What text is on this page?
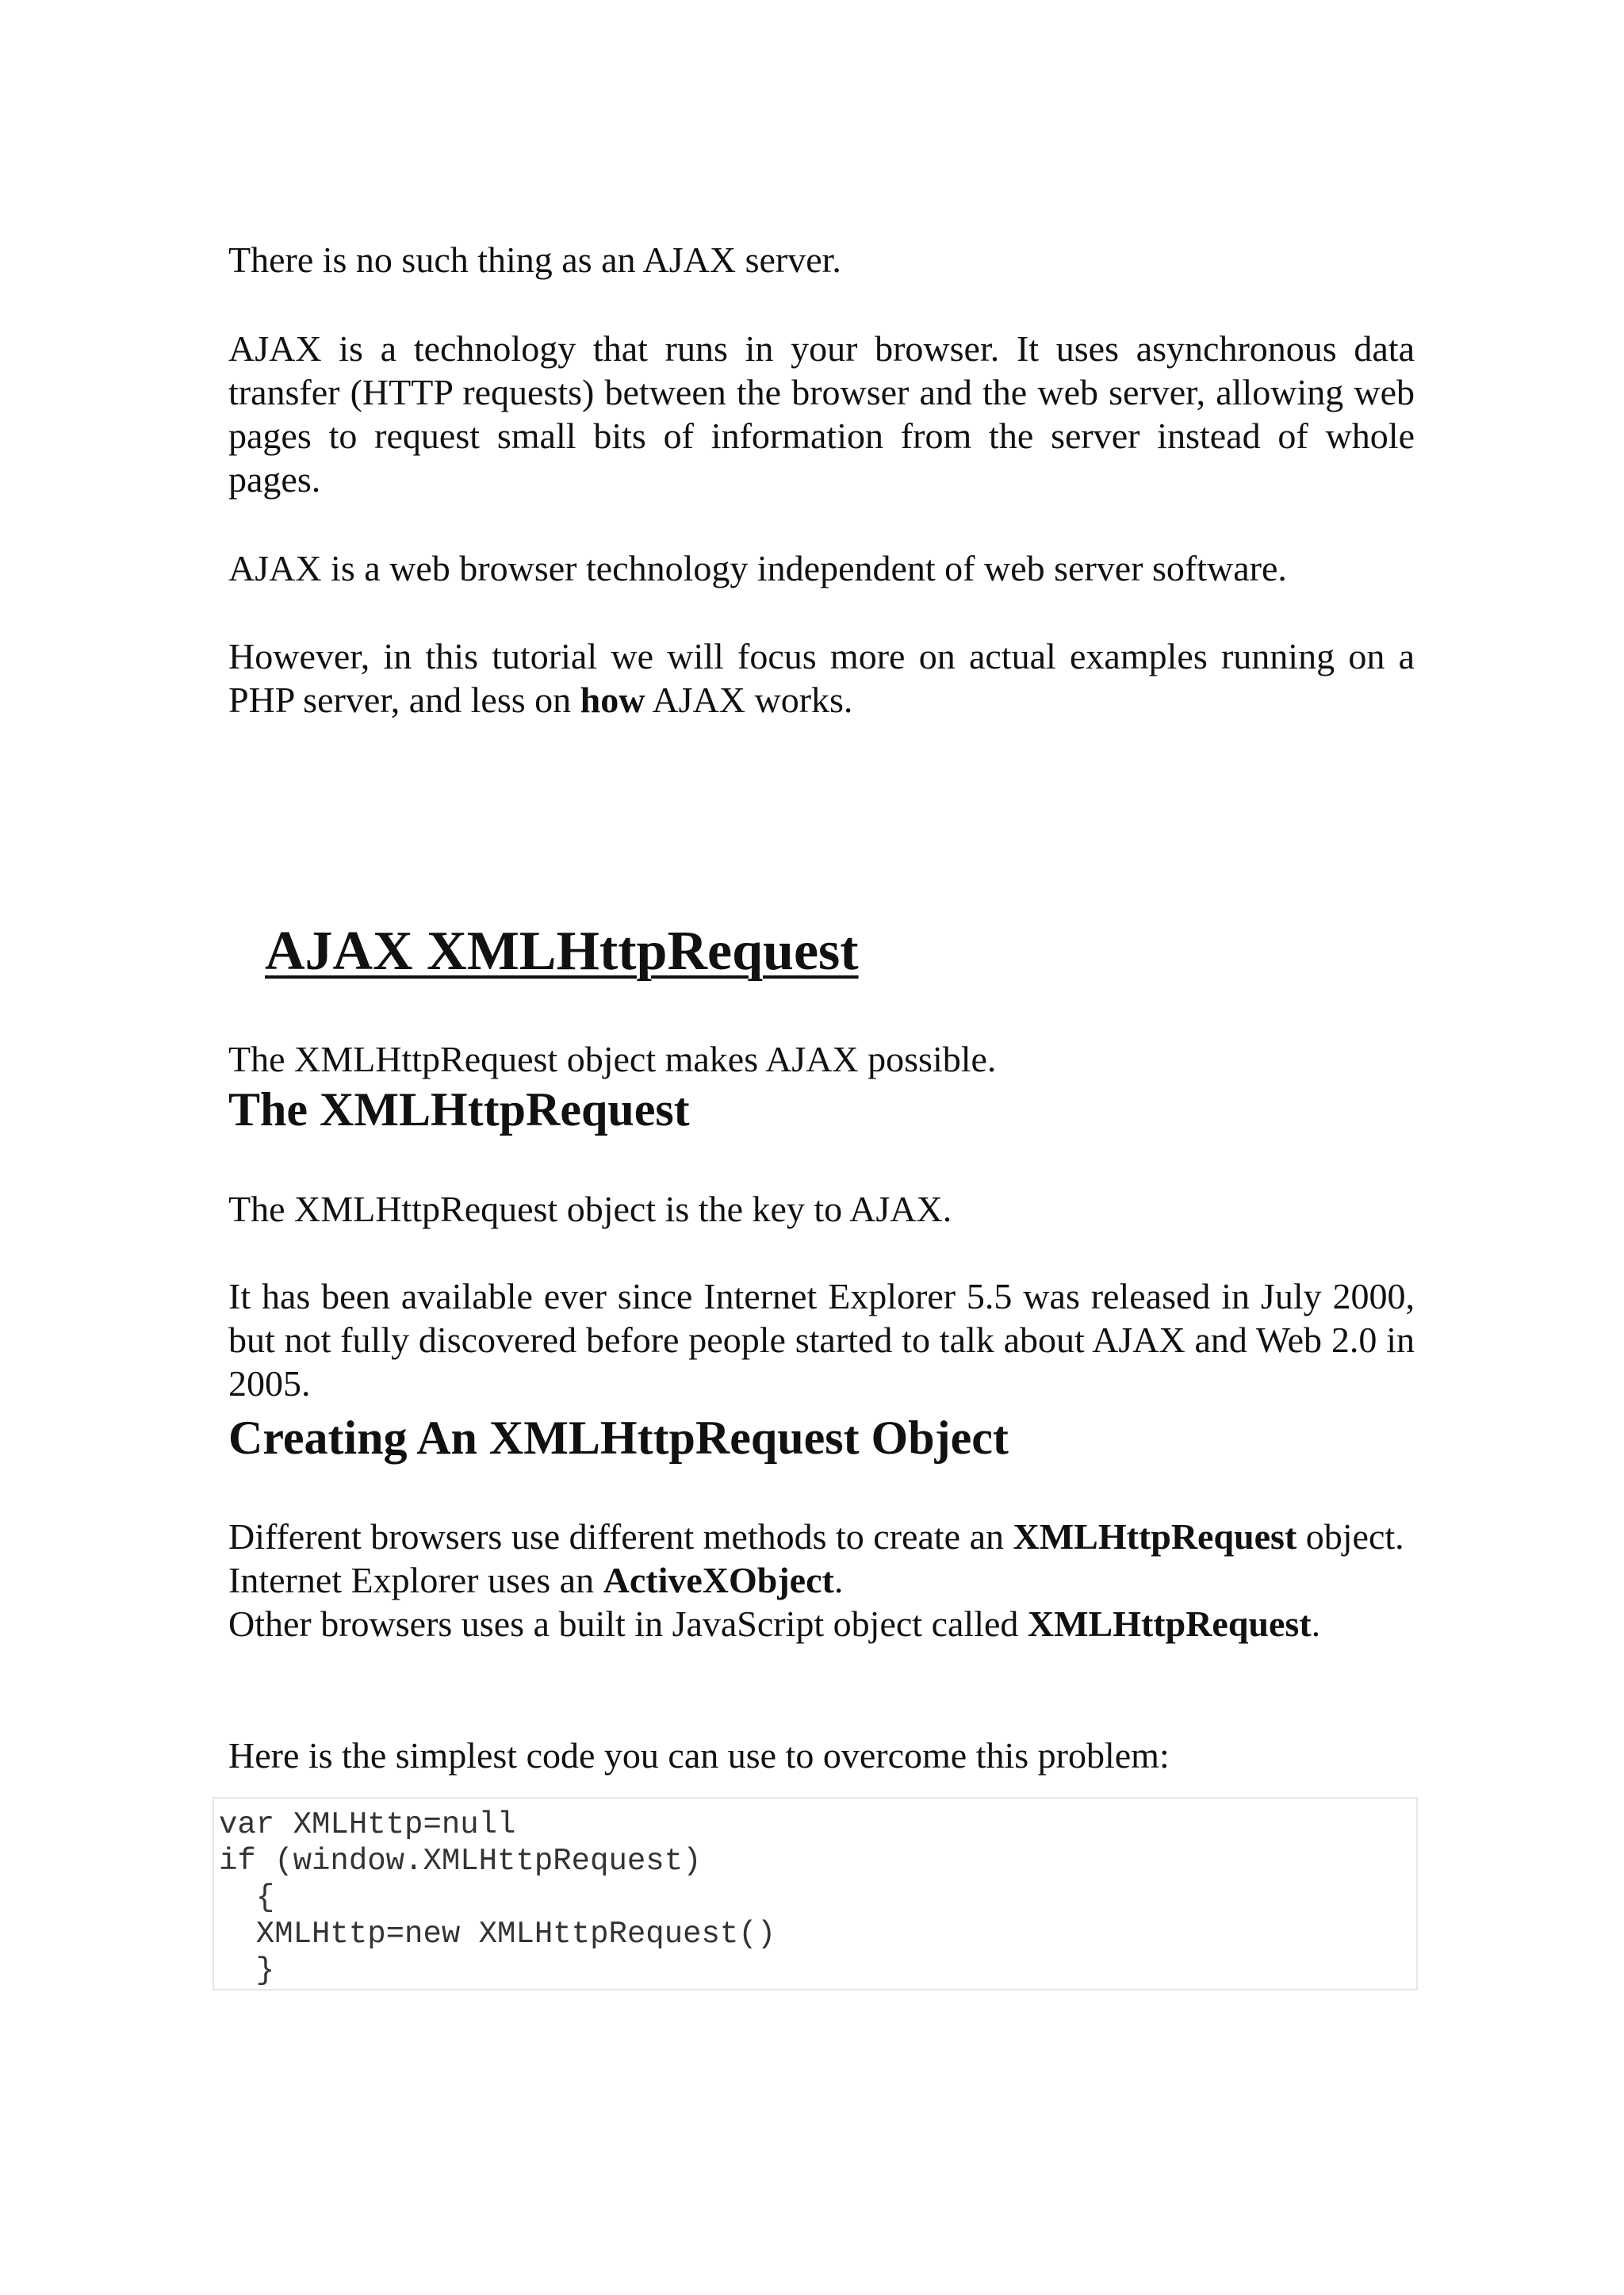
There is no such thing as an AJAX server.

AJAX is a technology that runs in your browser. It uses asynchronous data transfer (HTTP requests) between the browser and the web server, allowing web pages to request small bits of information from the server instead of whole pages.

AJAX is a web browser technology independent of web server software.

However, in this tutorial we will focus more on actual examples running on a PHP server, and less on how AJAX works.

AJAX XMLHttpRequest

The XMLHttpRequest object makes AJAX possible.

The XMLHttpRequest

The XMLHttpRequest object is the key to AJAX.

It has been available ever since Internet Explorer 5.5 was released in July 2000, but not fully discovered before people started to talk about AJAX and Web 2.0 in 2005.

Creating An XMLHttpRequest Object
Different browsers use different methods to create an XMLHttpRequest object.
Internet Explorer uses an ActiveXObject.
Other browsers uses a built in JavaScript object called XMLHttpRequest.

Here is the simplest code you can use to overcome this problem:

var XMLHttp=null
if (window.XMLHttpRequest)
{
XMLHttp=new XMLHttpRequest()
}
